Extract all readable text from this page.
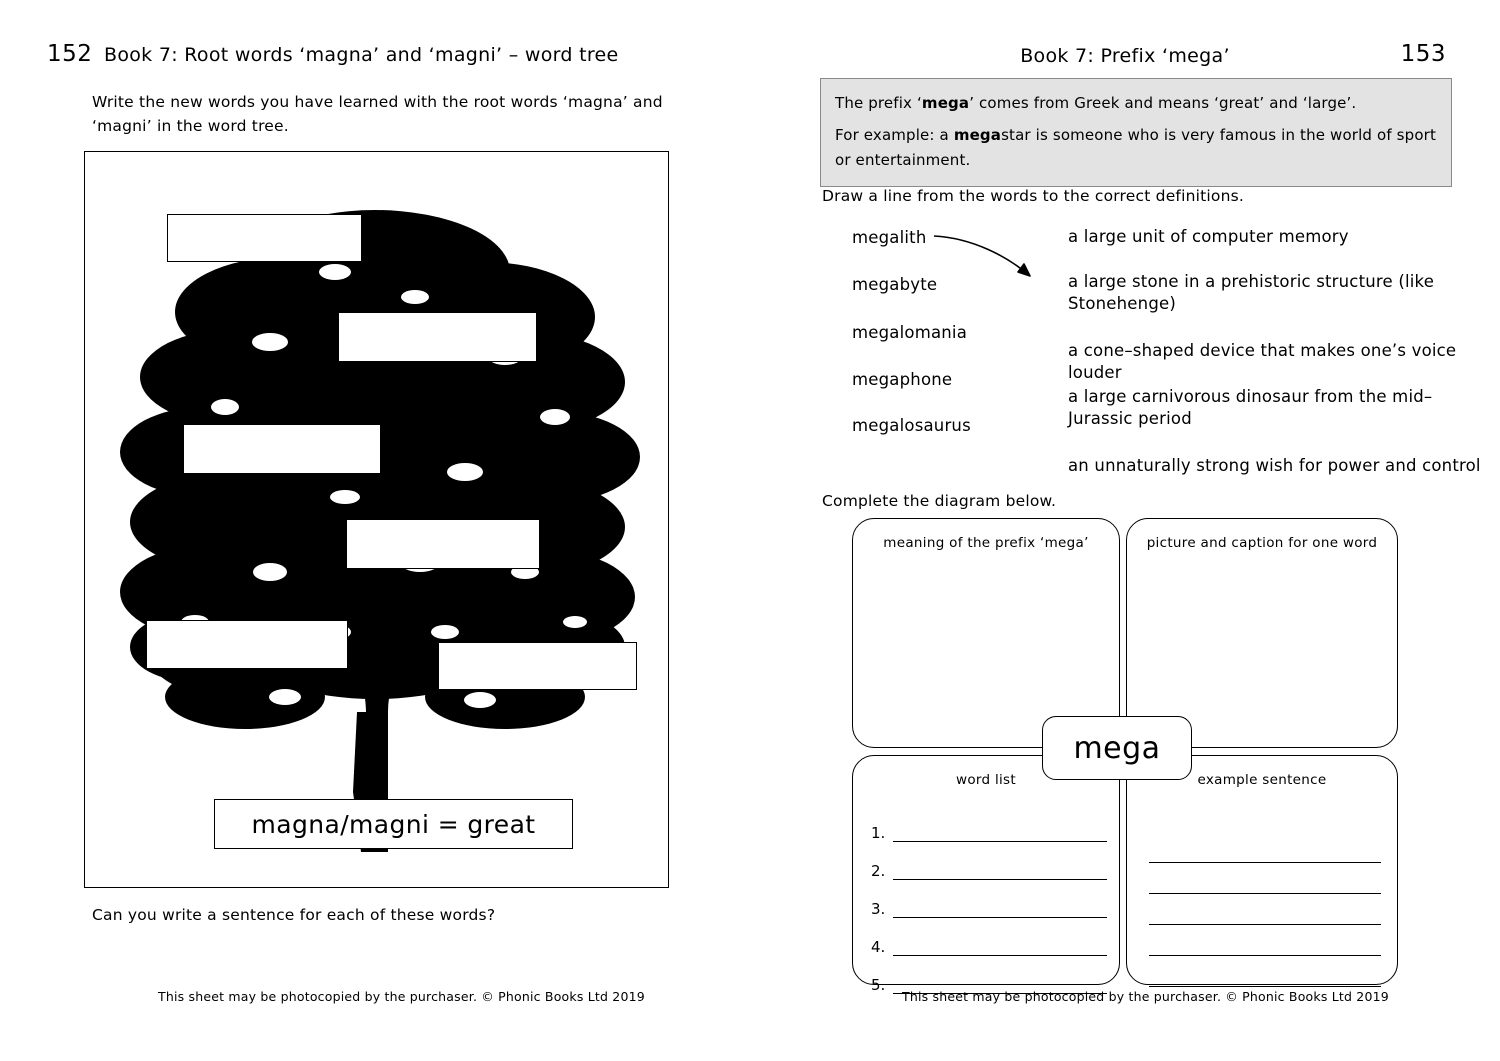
152 Book 7: Root words ‘magna’ and ‘magni’ – word tree
Write the new words you have learned with the root words ‘magna’ and ‘magni’ in the word tree.
magna/magni = great
Can you write a sentence for each of these words?
This sheet may be photocopied by the purchaser. © Phonic Books Ltd 2019
153
Book 7: Prefix ‘mega’

The prefix ‘mega’ comes from Greek and means ‘great’ and ‘large’.

For example: a megastar is someone who is very famous in the world of sport or entertainment.

Draw a line from the words to the correct definitions.
megalith
megabyte
megalomania
megaphone
megalosaurus
a large unit of computer memory
a large stone in a prehistoric structure (like Stonehenge)
a cone–shaped device that makes one’s voice louder
a large carnivorous dinosaur from the mid–Jurassic period
an unnaturally strong wish for power and control
Complete the diagram below.
meaning of the prefix ‘mega’	picture and caption for one word
word list
1.
2.
3.
4.
5.
example sentence
mega
This sheet may be photocopied by the purchaser. © Phonic Books Ltd 2019
